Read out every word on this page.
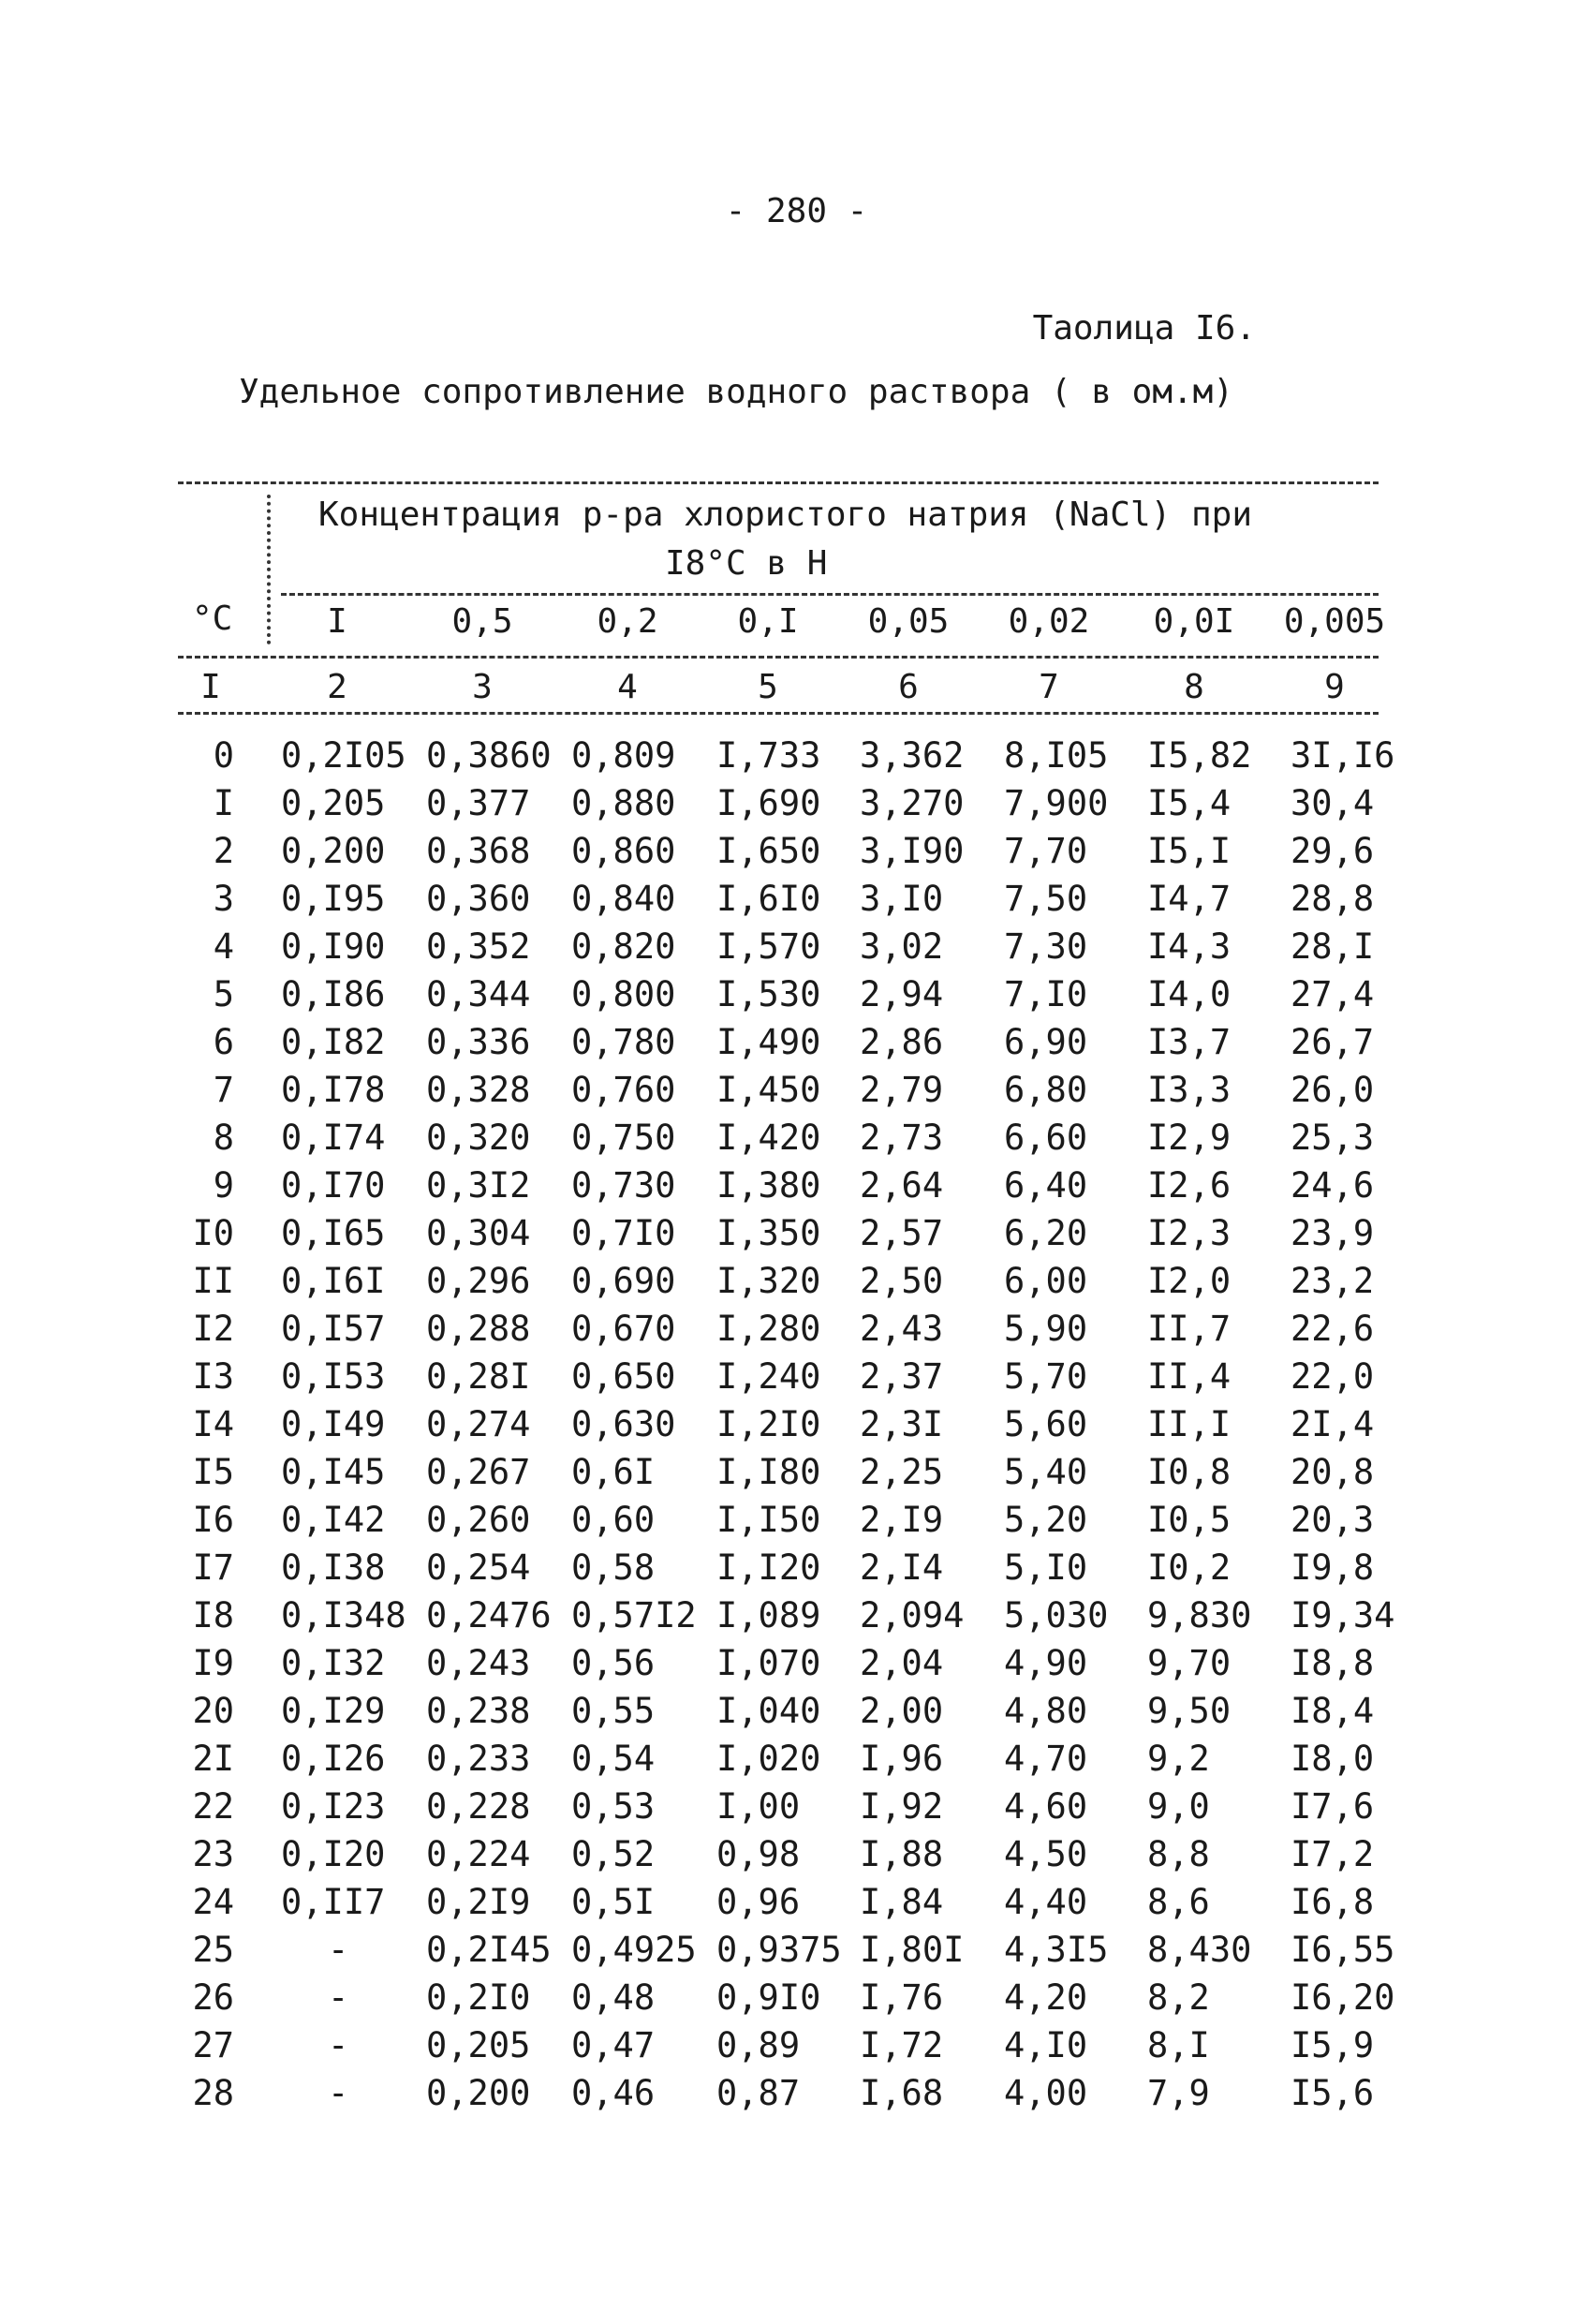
- 280 -
Таолица I6.
Удельное сопротивление водного раствора ( в ом.м)
Концентрация р-ра хлористого натрия (NaCl) при
I8°С в Н
°С	I	0,5	0,2	0,I	0,05	0,02	0,0I	0,005
I	2	3	4	5	6	7	8	9
0 0,2I05 0,3860 0,809 I,733 3,362 8,I05 I5,82 3I,I6
I 0,205 0,377 0,880 I,690 3,270 7,900 I5,4 30,4
2 0,200 0,368 0,860 I,650 3,I90 7,70 I5,I 29,6
3 0,I95 0,360 0,840 I,6I0 3,I0 7,50 I4,7 28,8
4 0,I90 0,352 0,820 I,570 3,02 7,30 I4,3 28,I
5 0,I86 0,344 0,800 I,530 2,94 7,I0 I4,0 27,4
6 0,I82 0,336 0,780 I,490 2,86 6,90 I3,7 26,7
7 0,I78 0,328 0,760 I,450 2,79 6,80 I3,3 26,0
8 0,I74 0,320 0,750 I,420 2,73 6,60 I2,9 25,3
9 0,I70 0,3I2 0,730 I,380 2,64 6,40 I2,6 24,6
I0 0,I65 0,304 0,7I0 I,350 2,57 6,20 I2,3 23,9
II 0,I6I 0,296 0,690 I,320 2,50 6,00 I2,0 23,2
I2 0,I57 0,288 0,670 I,280 2,43 5,90 II,7 22,6
I3 0,I53 0,28I 0,650 I,240 2,37 5,70 II,4 22,0
I4 0,I49 0,274 0,630 I,2I0 2,3I 5,60 II,I 2I,4
I5 0,I45 0,267 0,6I I,I80 2,25 5,40 I0,8 20,8
I6 0,I42 0,260 0,60 I,I50 2,I9 5,20 I0,5 20,3
I7 0,I38 0,254 0,58 I,I20 2,I4 5,I0 I0,2 I9,8
I8 0,I348 0,2476 0,57I2 I,089 2,094 5,030 9,830 I9,34
I9 0,I32 0,243 0,56 I,070 2,04 4,90 9,70 I8,8
20 0,I29 0,238 0,55 I,040 2,00 4,80 9,50 I8,4
2I 0,I26 0,233 0,54 I,020 I,96 4,70 9,2 I8,0
22 0,I23 0,228 0,53 I,00 I,92 4,60 9,0 I7,6
23 0,I20 0,224 0,52 0,98 I,88 4,50 8,8 I7,2
24 0,II7 0,2I9 0,5I 0,96 I,84 4,40 8,6 I6,8
25	- 0,2I45 0,4925 0,9375 I,80I 4,3I5 8,430 I6,55
26	- 0,2I0 0,48 0,9I0 I,76 4,20 8,2 I6,20
27	- 0,205 0,47 0,89 I,72 4,I0 8,I I5,9
28	- 0,200 0,46 0,87 I,68 4,00 7,9 I5,6
